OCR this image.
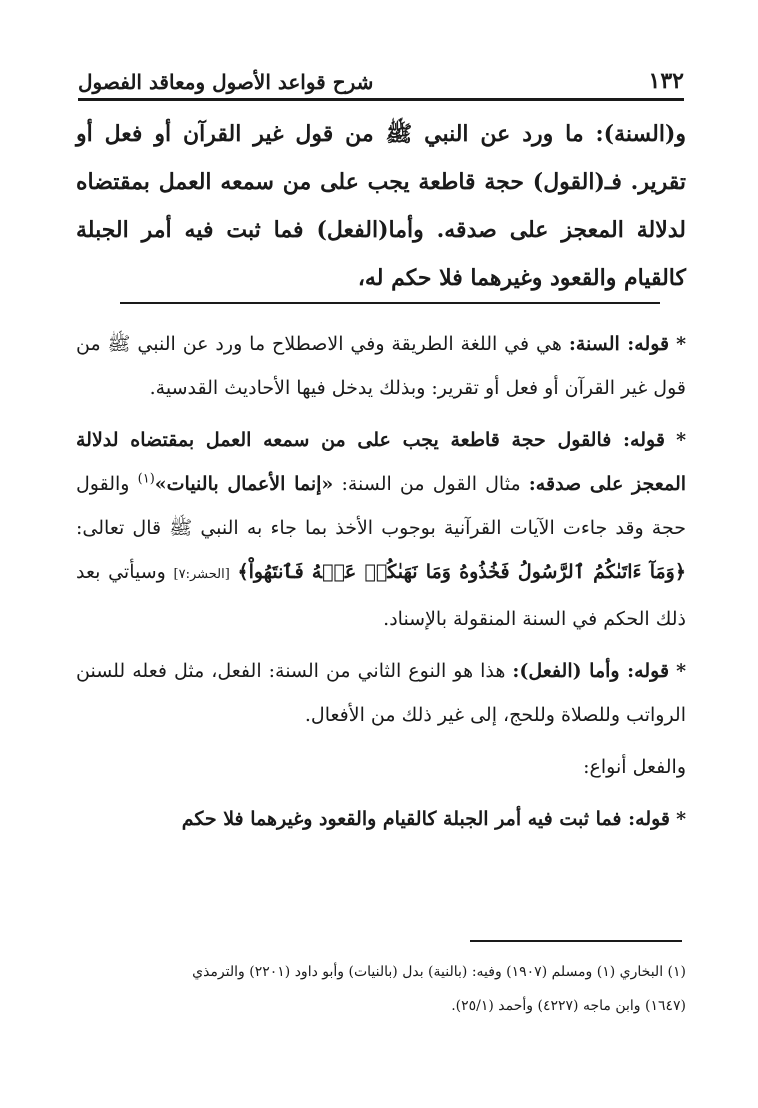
١٣٢
شرح قواعد الأصول ومعاقد الفصول
و(السنة): ما ورد عن النبي ﷺ من قول غير القرآن أو فعل أو تقرير. فـ(القول) حجة قاطعة يجب على من سمعه العمل بمقتضاه لدلالة المعجز على صدقه. وأما(الفعل) فما ثبت فيه أمر الجبلة كالقيام والقعود وغيرهما فلا حكم له،

* قوله: السنة: هي في اللغة الطريقة وفي الاصطلاح ما ورد عن النبي ﷺ من قول غير القرآن أو فعل أو تقرير: وبذلك يدخل فيها الأحاديث القدسية.

* قوله: فالقول حجة قاطعة يجب على من سمعه العمل بمقتضاه لدلالة المعجز على صدقه: مثال القول من السنة: «إنما الأعمال بالنيات»$^{(١)}$ والقول حجة وقد جاءت الآيات القرآنية بوجوب الأخذ بما جاء به النبي ﷺ قال تعالى: ﴿وَمَآ ءَاتَىٰكُمُ ٱلرَّسُولُ فَخُذُوهُ وَمَا نَهَىٰكُمۡ عَنۡهُ فَٱنتَهُواْ﴾ [الحشر:٧] وسيأتي بعد ذلك الحكم في السنة المنقولة بالإسناد.

* قوله: وأما (الفعل): هذا هو النوع الثاني من السنة: الفعل، مثل فعله للسنن الرواتب وللصلاة وللحج، إلى غير ذلك من الأفعال.

والفعل أنواع:

* قوله: فما ثبت فيه أمر الجبلة كالقيام والقعود وغيرهما فلا حكم

(١) البخاري (١) ومسلم (١٩٠٧) وفيه: (بالنية) بدل (بالنيات) وأبو داود (٢٢٠١) والترمذي

(١٦٤٧) وابن ماجه (٤٢٢٧) وأحمد (٢٥/١).
